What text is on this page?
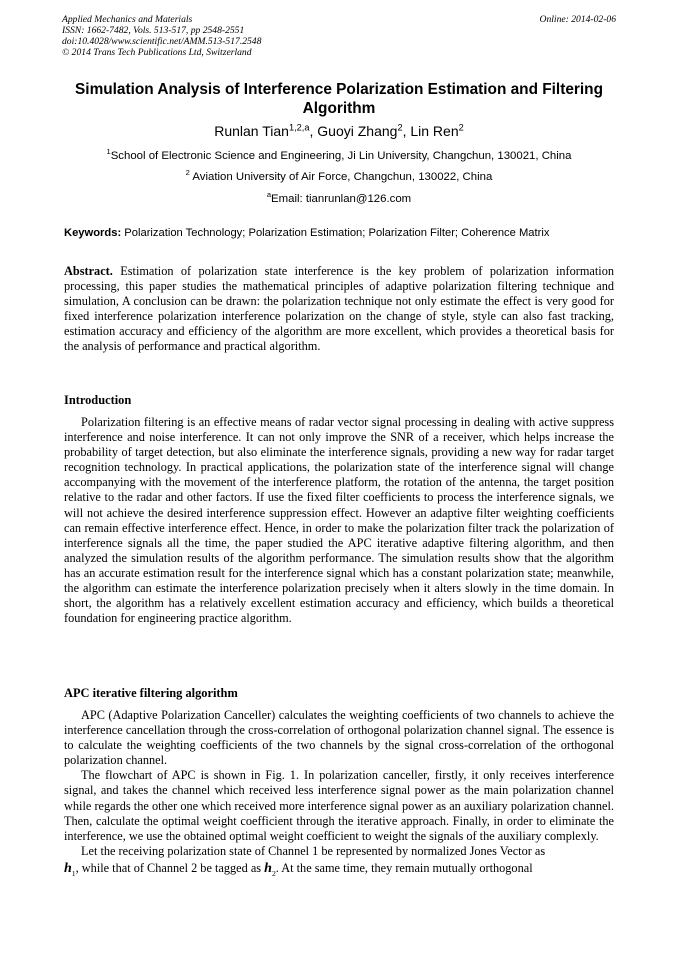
Applied Mechanics and Materials
ISSN: 1662-7482, Vols. 513-517, pp 2548-2551
doi:10.4028/www.scientific.net/AMM.513-517.2548
© 2014 Trans Tech Publications Ltd, Switzerland
Online: 2014-02-06
Simulation Analysis of Interference Polarization Estimation and Filtering Algorithm
Runlan Tian$^{1,2,a}$, Guoyi Zhang$^2$, Lin Ren$^2$
$^1$School of Electronic Science and Engineering, Ji Lin University, Changchun, 130021, China
$^2$ Aviation University of Air Force, Changchun, 130022, China
$^a$Email: tianrunlan@126.com
Keywords: Polarization Technology; Polarization Estimation; Polarization Filter; Coherence Matrix

Abstract. Estimation of polarization state interference is the key problem of polarization information processing, this paper studies the mathematical principles of adaptive polarization filtering technique and simulation, A conclusion can be drawn: the polarization technique not only estimate the effect is very good for fixed interference polarization interference polarization on the change of style, style can also fast tracking, estimation accuracy and efficiency of the algorithm are more excellent, which provides a theoretical basis for the analysis of performance and practical algorithm.

Introduction

Polarization filtering is an effective means of radar vector signal processing in dealing with active suppress interference and noise interference. It can not only improve the SNR of a receiver, which helps increase the probability of target detection, but also eliminate the interference signals, providing a new way for radar target recognition technology. In practical applications, the polarization state of the interference signal will change accompanying with the movement of the interference platform, the rotation of the antenna, the target position relative to the radar and other factors. If use the fixed filter coefficients to process the interference signals, we will not achieve the desired interference suppression effect. However an adaptive filter weighting coefficients can remain effective interference effect. Hence, in order to make the polarization filter track the polarization of interference signals all the time, the paper studied the APC iterative adaptive filtering algorithm, and then analyzed the simulation results of the algorithm performance. The simulation results show that the algorithm has an accurate estimation result for the interference signal which has a constant polarization state; meanwhile, the algorithm can estimate the interference polarization precisely when it alters slowly in the time domain. In short, the algorithm has a relatively excellent estimation accuracy and efficiency, which builds a theoretical foundation for engineering practice algorithm.

APC iterative filtering algorithm

APC (Adaptive Polarization Canceller) calculates the weighting coefficients of two channels to achieve the interference cancellation through the cross-correlation of orthogonal polarization channel signal. The essence is to calculate the weighting coefficients of the two channels by the signal cross-correlation of the orthogonal polarization channel.

The flowchart of APC is shown in Fig. 1. In polarization canceller, firstly, it only receives interference signal, and takes the channel which received less interference signal power as the main polarization channel while regards the other one which received more interference signal power as an auxiliary polarization channel. Then, calculate the optimal weight coefficient through the iterative approach. Finally, in order to eliminate the interference, we use the obtained optimal weight coefficient to weight the signals of the auxiliary complexly.

Let the receiving polarization state of Channel 1 be represented by normalized Jones Vector as

$h_1$, while that of Channel 2 be tagged as $h_2$. At the same time, they remain mutually orthogonal
